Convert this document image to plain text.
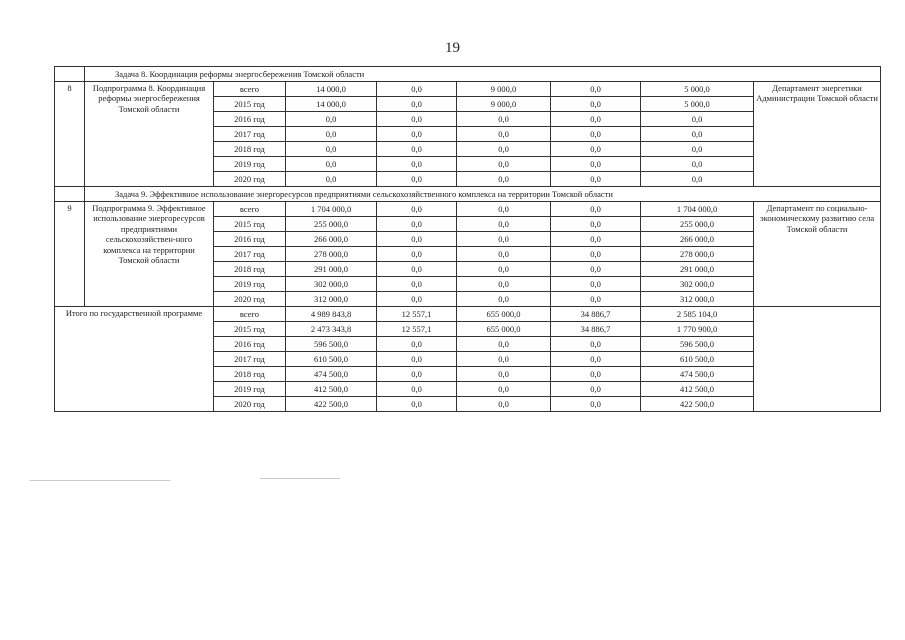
19
	Задача 8. Координация реформы энергосбережения Томской области							
8	Подпрограмма 8. Координация реформы энергосбережения Томской области	всего	14 000,0	0,0	9 000,0	0,0	5 000,0	Департамент энергетики Администрации Томской области
		2015 год	14 000,0	0,0	9 000,0	0,0	5 000,0	
		2016 год	0,0	0,0	0,0	0,0	0,0	
		2017 год	0,0	0,0	0,0	0,0	0,0	
		2018 год	0,0	0,0	0,0	0,0	0,0	
		2019 год	0,0	0,0	0,0	0,0	0,0	
		2020 год	0,0	0,0	0,0	0,0	0,0	
	Задача 9. Эффективное использование энергоресурсов предприятиями сельскохозяйственного комплекса на территории Томской области							
9	Подпрограмма 9. Эффективное использование энергоресурсов предприятиями сельскохозяйствен-ного комплекса на территории Томской области	всего	1 704 000,0	0,0	0,0	0,0	1 704 000,0	Департамент по социально-экономическому развитию села Томской области
		2015 год	255 000,0	0,0	0,0	0,0	255 000,0	
		2016 год	266 000,0	0,0	0,0	0,0	266 000,0	
		2017 год	278 000,0	0,0	0,0	0,0	278 000,0	
		2018 год	291 000,0	0,0	0,0	0,0	291 000,0	
		2019 год	302 000,0	0,0	0,0	0,0	302 000,0	
		2020 год	312 000,0	0,0	0,0	0,0	312 000,0	
Итого по государственной программе		всего	4 989 843,8	12 557,1	655 000,0	34 886,7	2 585 104,0	
		2015 год	2 473 343,8	12 557,1	655 000,0	34 886,7	1 770 900,0	
		2016 год	596 500,0	0,0	0,0	0,0	596 500,0	
		2017 год	610 500,0	0,0	0,0	0,0	610 500,0	
		2018 год	474 500,0	0,0	0,0	0,0	474 500,0	
		2019 год	412 500,0	0,0	0,0	0,0	412 500,0	
		2020 год	422 500,0	0,0	0,0	0,0	422 500,0	
